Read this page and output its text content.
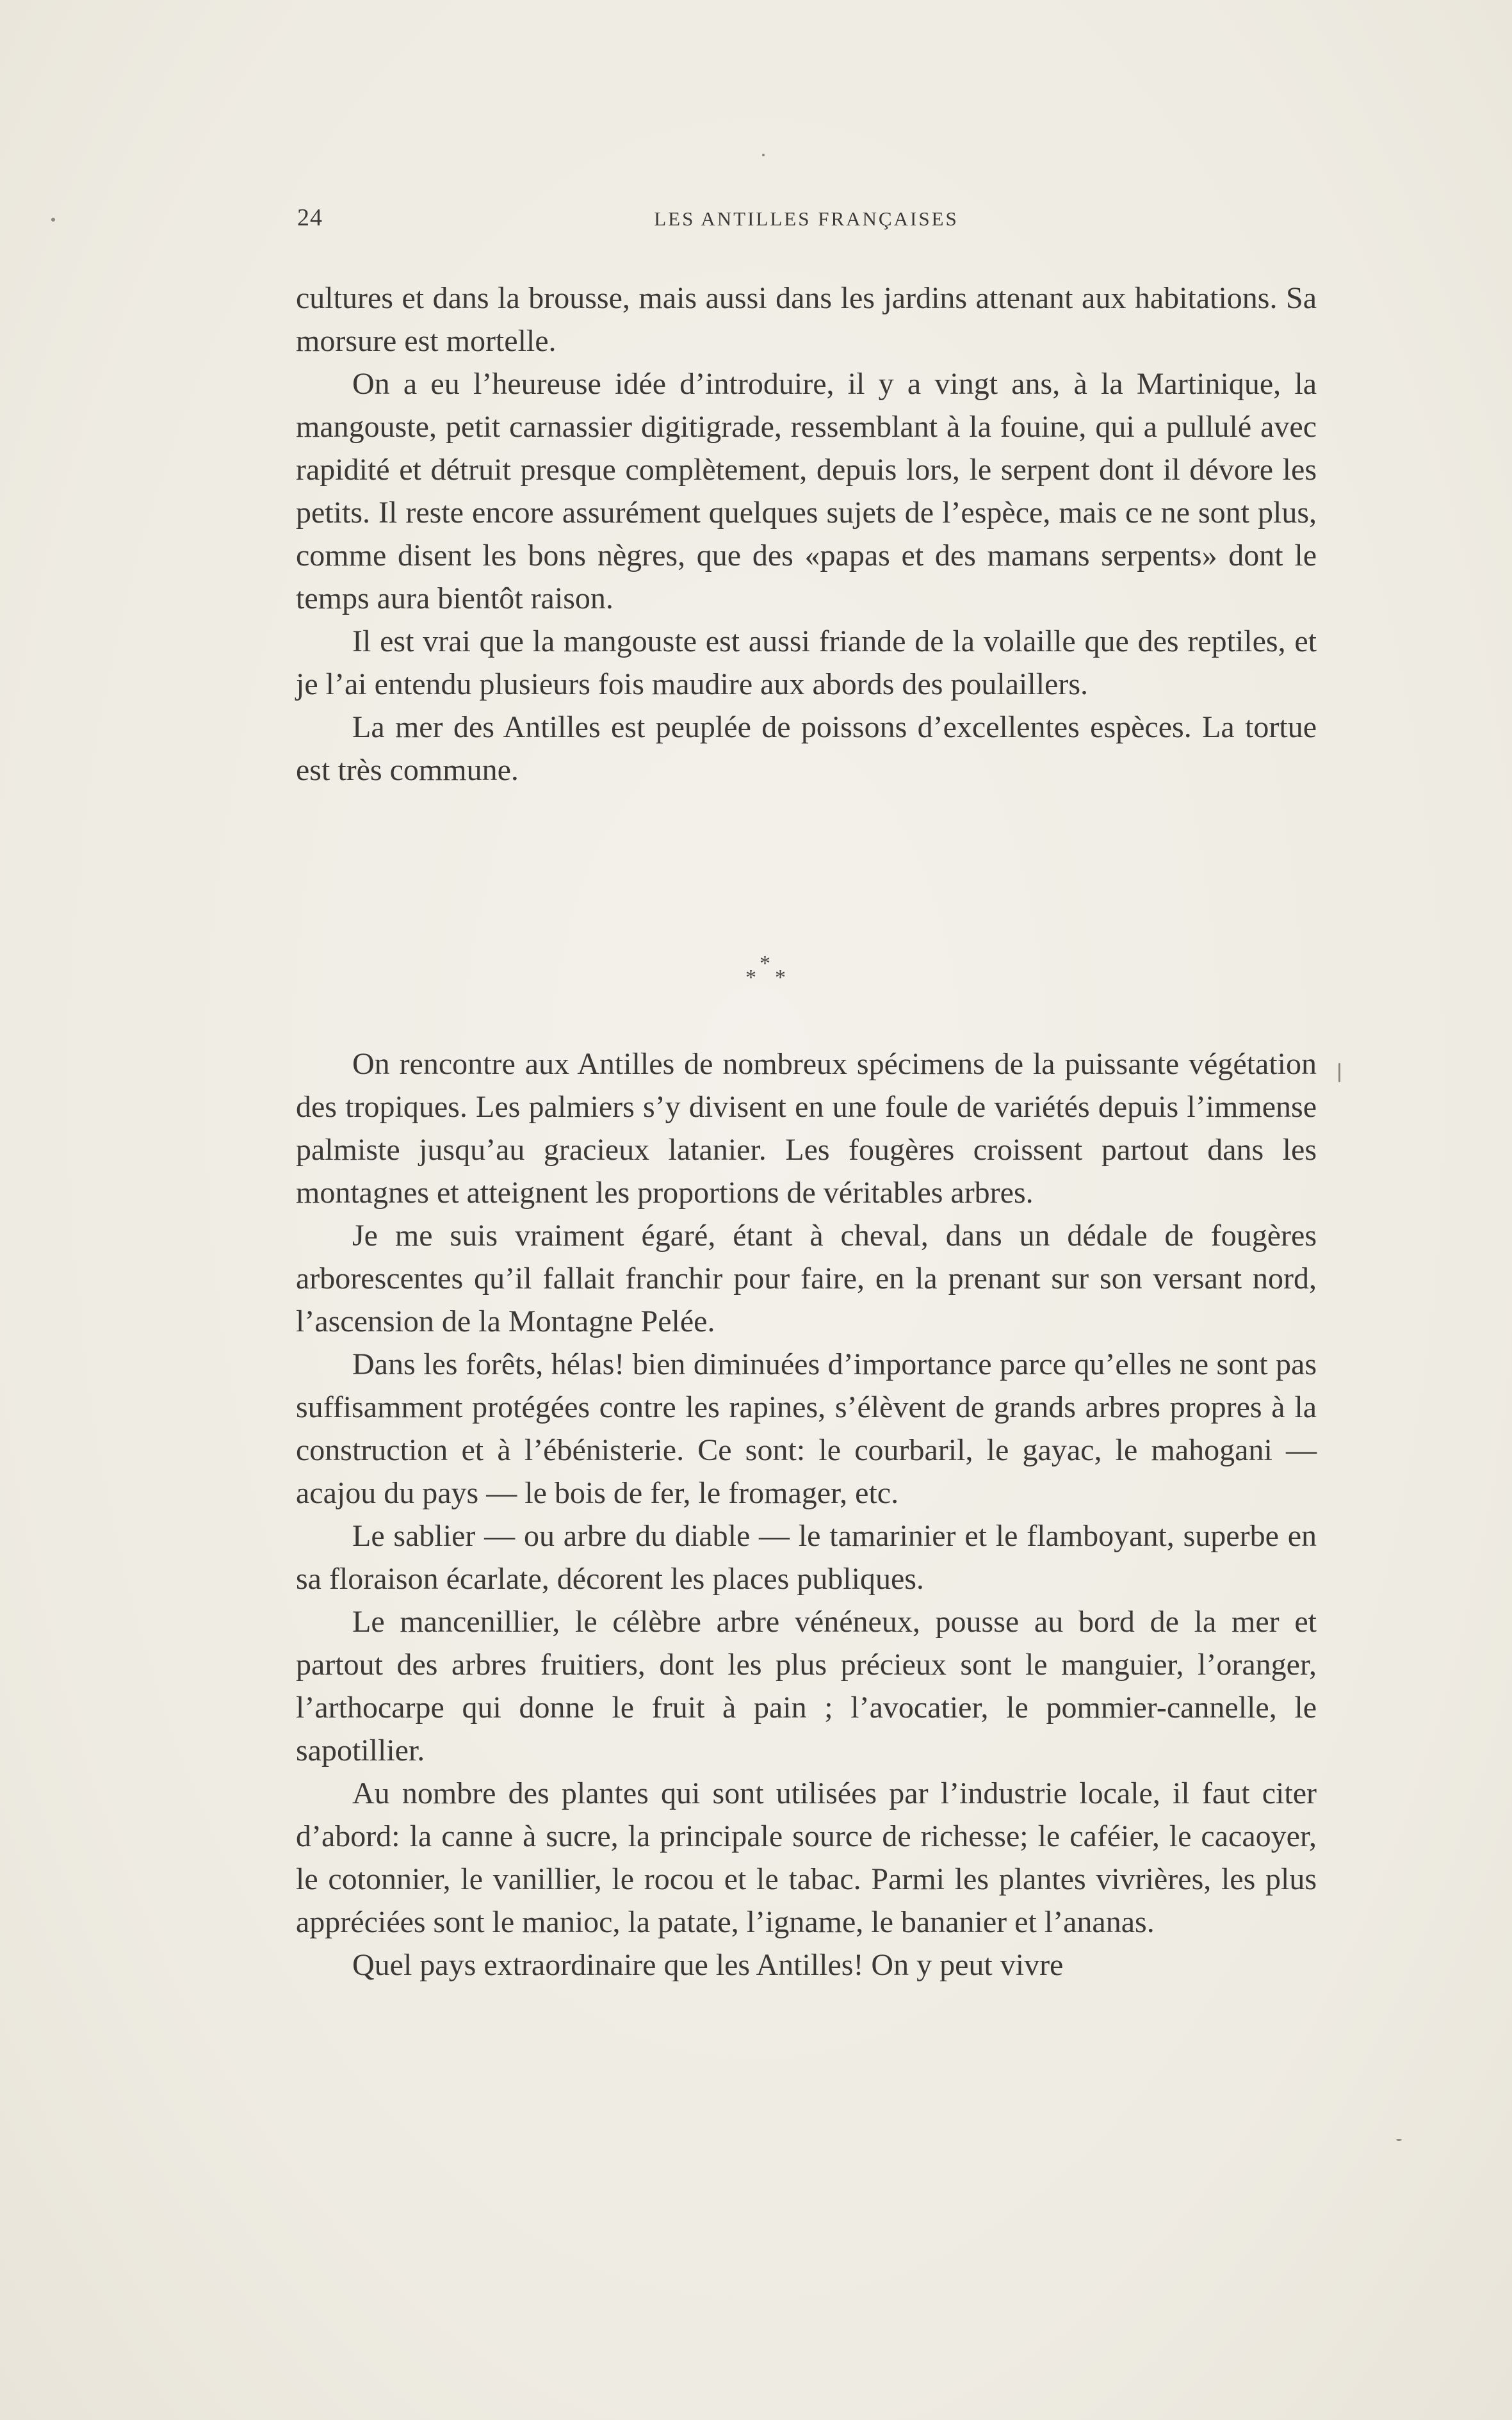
24	LES ANTILLES FRANÇAISES

cultures et dans la brousse, mais aussi dans les jardins attenant aux habitations. Sa morsure est mortelle.

On a eu l’heureuse idée d’introduire, il y a vingt ans, à la Martinique, la mangouste, petit carnassier digitigrade, ressemblant à la fouine, qui a pullulé avec rapidité et détruit presque complètement, depuis lors, le serpent dont il dévore les petits. Il reste encore assurément quelques sujets de l’espèce, mais ce ne sont plus, comme disent les bons nègres, que des «papas et des mamans serpents» dont le temps aura bientôt raison.

Il est vrai que la mangouste est aussi friande de la volaille que des reptiles, et je l’ai entendu plusieurs fois maudire aux abords des poulaillers.

La mer des Antilles est peuplée de poissons d’excellentes espèces. La tortue est très commune.

*
* *

On rencontre aux Antilles de nombreux spécimens de la puissante végétation des tropiques. Les palmiers s’y divisent en une foule de variétés depuis l’immense palmiste jusqu’au gracieux latanier. Les fougères croissent partout dans les montagnes et atteignent les proportions de véritables arbres.

Je me suis vraiment égaré, étant à cheval, dans un dédale de fougères arborescentes qu’il fallait franchir pour faire, en la prenant sur son versant nord, l’ascension de la Montagne Pelée.

Dans les forêts, hélas! bien diminuées d’importance parce qu’elles ne sont pas suffisamment protégées contre les rapines, s’élèvent de grands arbres propres à la construction et à l’ébénisterie. Ce sont: le courbaril, le gayac, le mahogani — acajou du pays — le bois de fer, le fromager, etc.

Le sablier — ou arbre du diable — le tamarinier et le flamboyant, superbe en sa floraison écarlate, décorent les places publiques.

Le mancenillier, le célèbre arbre vénéneux, pousse au bord de la mer et partout des arbres fruitiers, dont les plus précieux sont le manguier, l’oranger, l’arthocarpe qui donne le fruit à pain ; l’avocatier, le pommier-cannelle, le sapotillier.

Au nombre des plantes qui sont utilisées par l’industrie locale, il faut citer d’abord: la canne à sucre, la principale source de richesse; le caféier, le cacaoyer, le cotonnier, le vanillier, le rocou et le tabac. Parmi les plantes vivrières, les plus appréciées sont le manioc, la patate, l’igname, le bananier et l’ananas.

Quel pays extraordinaire que les Antilles! On y peut vivre
